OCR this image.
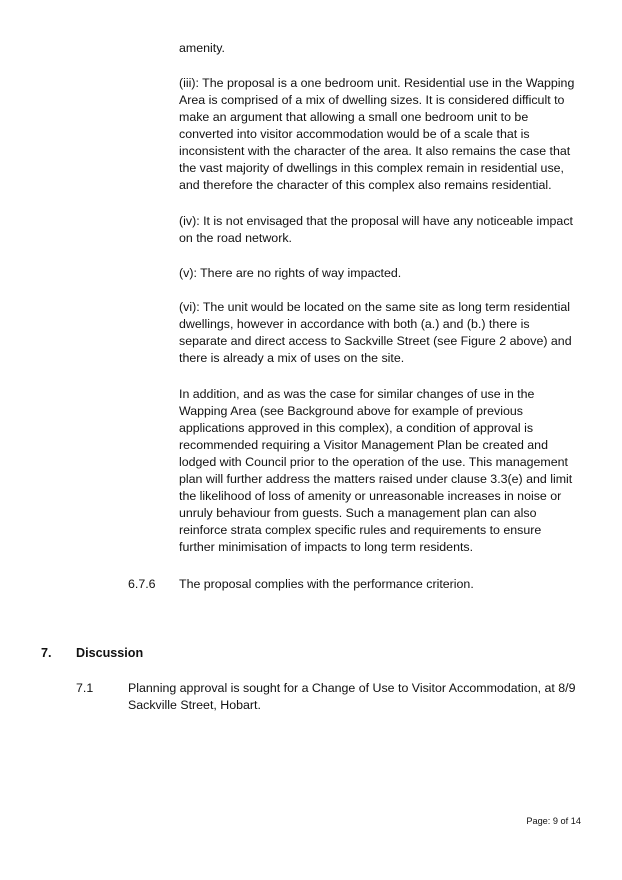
amenity.

(iii): The proposal is a one bedroom unit. Residential use in the Wapping Area is comprised of a mix of dwelling sizes. It is considered difficult to make an argument that allowing a small one bedroom unit to be converted into visitor accommodation would be of a scale that is inconsistent with the character of the area. It also remains the case that the vast majority of dwellings in this complex remain in residential use, and therefore the character of this complex also remains residential.

(iv): It is not envisaged that the proposal will have any noticeable impact on the road network.

(v): There are no rights of way impacted.

(vi): The unit would be located on the same site as long term residential dwellings, however in accordance with both (a.) and (b.) there is separate and direct access to Sackville Street (see Figure 2 above) and there is already a mix of uses on the site.

In addition, and as was the case for similar changes of use in the Wapping Area (see Background above for example of previous applications approved in this complex), a condition of approval is recommended requiring a Visitor Management Plan be created and lodged with Council prior to the operation of the use. This management plan will further address the matters raised under clause 3.3(e) and limit the likelihood of loss of amenity or unreasonable increases in noise or unruly behaviour from guests. Such a management plan can also reinforce strata complex specific rules and requirements to ensure further minimisation of impacts to long term residents.

6.7.6 The proposal complies with the performance criterion.
7. Discussion
7.1	Planning approval is sought for a Change of Use to Visitor Accommodation, at 8/9 Sackville Street, Hobart.
Page: 9 of 14
